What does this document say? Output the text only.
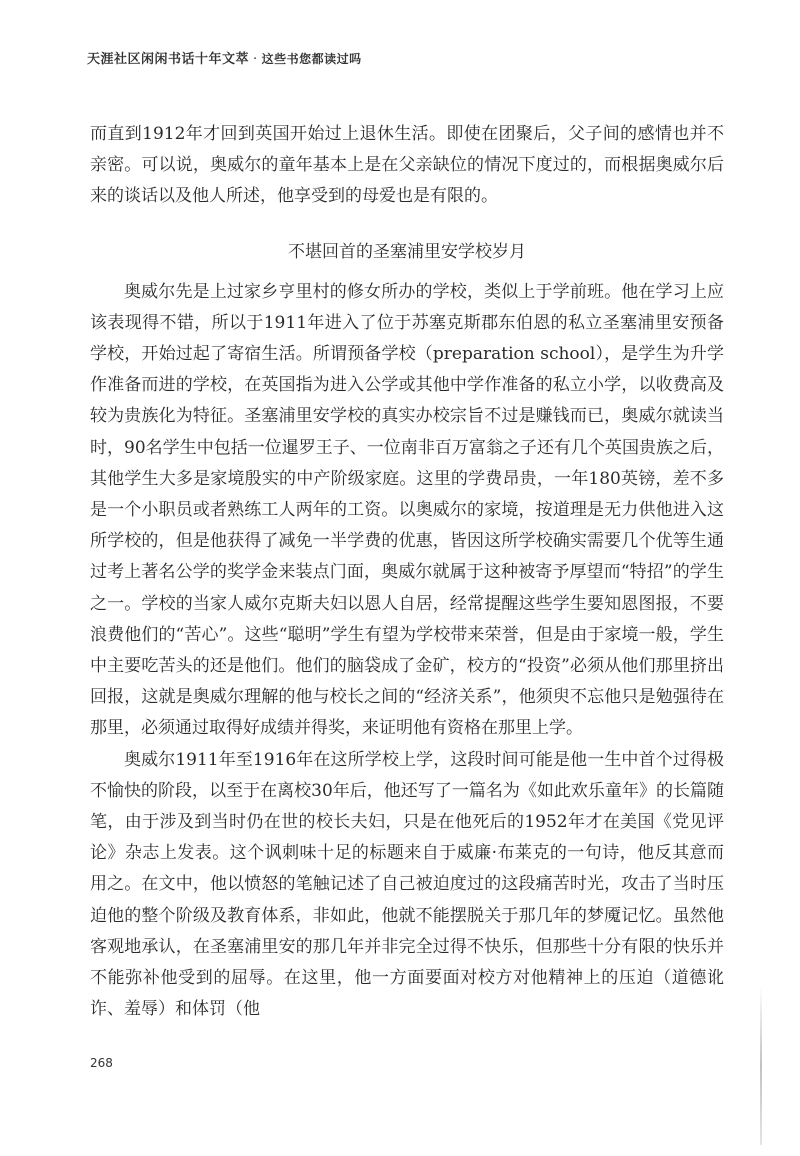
天涯社区闲闲书话十年文萃 · 这些书您都读过吗

而直到1912年才回到英国开始过上退休生活。即使在团聚后，父子间的感情也并不亲密。可以说，奥威尔的童年基本上是在父亲缺位的情况下度过的，而根据奥威尔后来的谈话以及他人所述，他享受到的母爱也是有限的。

不堪回首的圣塞浦里安学校岁月

奥威尔先是上过家乡亨里村的修女所办的学校，类似上于学前班。他在学习上应该表现得不错，所以于1911年进入了位于苏塞克斯郡东伯恩的私立圣塞浦里安预备学校，开始过起了寄宿生活。所谓预备学校（preparation school），是学生为升学作准备而进的学校，在英国指为进入公学或其他中学作准备的私立小学，以收费高及较为贵族化为特征。圣塞浦里安学校的真实办校宗旨不过是赚钱而已，奥威尔就读当时，90名学生中包括一位暹罗王子、一位南非百万富翁之子还有几个英国贵族之后，其他学生大多是家境殷实的中产阶级家庭。这里的学费昂贵，一年180英镑，差不多是一个小职员或者熟练工人两年的工资。以奥威尔的家境，按道理是无力供他进入这所学校的，但是他获得了减免一半学费的优惠，皆因这所学校确实需要几个优等生通过考上著名公学的奖学金来装点门面，奥威尔就属于这种被寄予厚望而“特招”的学生之一。学校的当家人威尔克斯夫妇以恩人自居，经常提醒这些学生要知恩图报，不要浪费他们的“苦心”。这些“聪明”学生有望为学校带来荣誉，但是由于家境一般，学生中主要吃苦头的还是他们。他们的脑袋成了金矿，校方的“投资”必须从他们那里挤出回报，这就是奥威尔理解的他与校长之间的“经济关系”，他须臾不忘他只是勉强待在那里，必须通过取得好成绩并得奖，来证明他有资格在那里上学。

奥威尔1911年至1916年在这所学校上学，这段时间可能是他一生中首个过得极不愉快的阶段，以至于在离校30年后，他还写了一篇名为《如此欢乐童年》的长篇随笔，由于涉及到当时仍在世的校长夫妇，只是在他死后的1952年才在美国《党见评论》杂志上发表。这个讽刺味十足的标题来自于威廉·布莱克的一句诗，他反其意而用之。在文中，他以愤怒的笔触记述了自己被迫度过的这段痛苦时光，攻击了当时压迫他的整个阶级及教育体系，非如此，他就不能摆脱关于那几年的梦魇记忆。虽然他客观地承认，在圣塞浦里安的那几年并非完全过得不快乐，但那些十分有限的快乐并不能弥补他受到的屈辱。在这里，他一方面要面对校方对他精神上的压迫（道德讹诈、羞辱）和体罚（他

268
